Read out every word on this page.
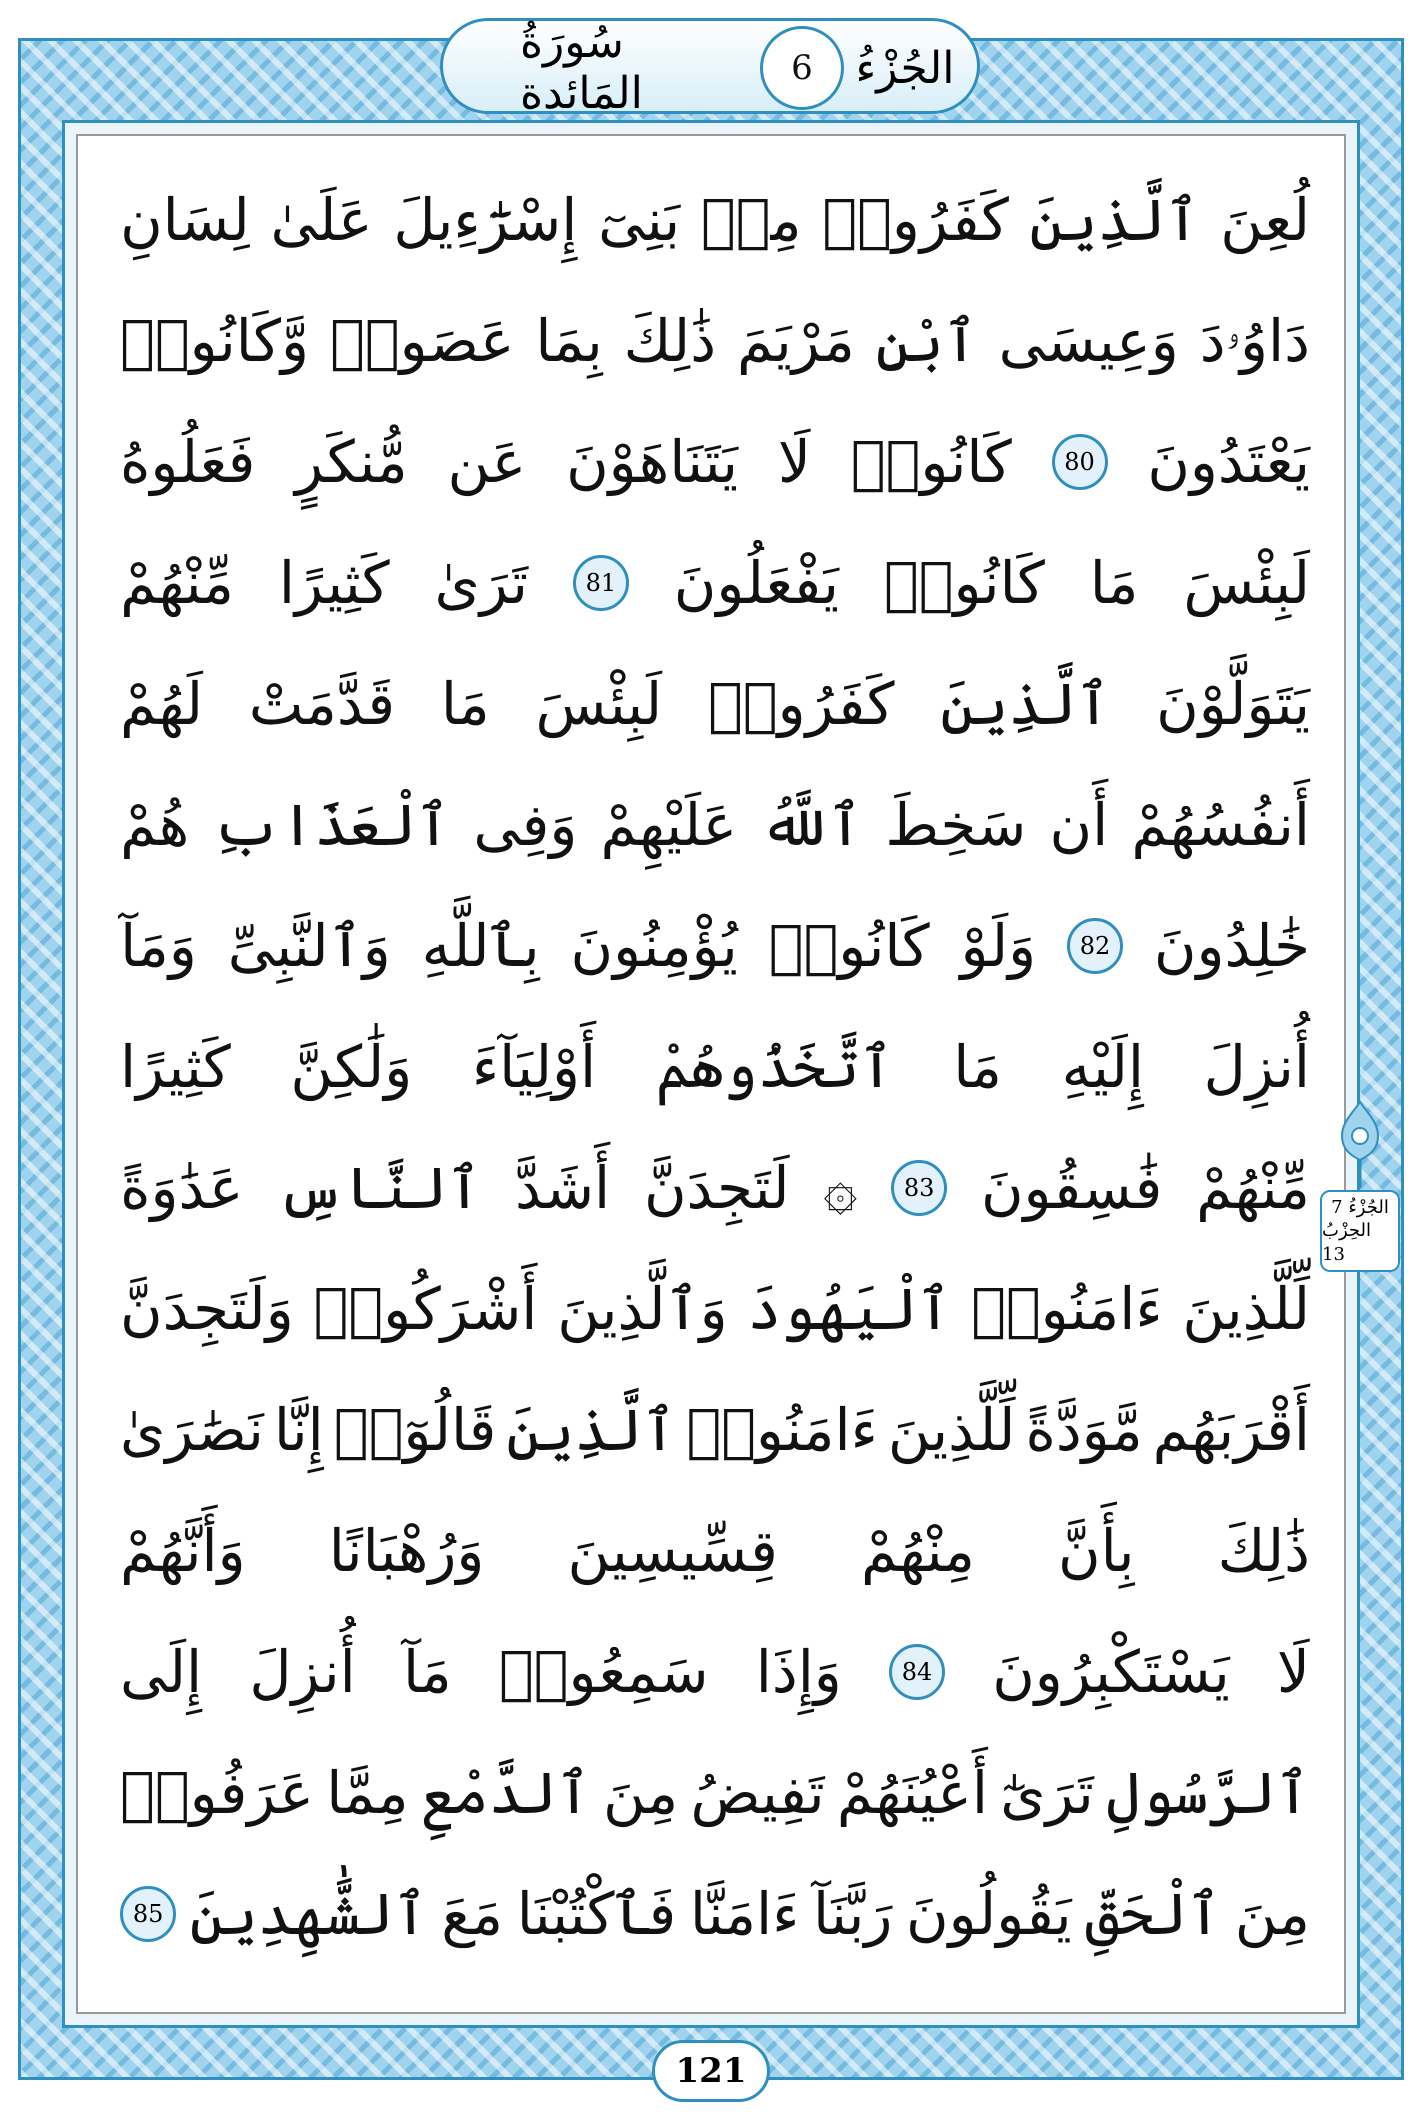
سُورَةُ المَائدة	6 الجُزْءُ
لُعِنَ
ٱلَّذِينَ
كَفَرُوا۟
مِنۢ
بَنِىٓ
إِسْرَٰٓءِيلَ
عَلَىٰ
لِسَانِ
دَاوُۥدَ
وَعِيسَى
ٱبْنِ
مَرْيَمَ
ذَٰلِكَ
بِمَا
عَصَوا۟
وَّكَانُوا۟
يَعْتَدُونَ
80
كَانُوا۟
لَا
يَتَنَاهَوْنَ
عَن
مُّنكَرٍ
فَعَلُوهُ
لَبِئْسَ
مَا
كَانُوا۟
يَفْعَلُونَ
81
تَرَىٰ
كَثِيرًا
مِّنْهُمْ
يَتَوَلَّوْنَ
ٱلَّذِينَ
كَفَرُوا۟
لَبِئْسَ
مَا
قَدَّمَتْ
لَهُمْ
أَنفُسُهُمْ
أَن
سَخِطَ
ٱللَّهُ
عَلَيْهِمْ
وَفِى
ٱلْعَذَابِ
هُمْ
خَٰلِدُونَ
82
وَلَوْ
كَانُوا۟
يُؤْمِنُونَ
بِٱللَّهِ
وَٱلنَّبِىِّ
وَمَآ
أُنزِلَ
إِلَيْهِ
مَا
ٱتَّخَذُوهُمْ
أَوْلِيَآءَ
وَلَٰكِنَّ
كَثِيرًا
مِّنْهُمْ
فَٰسِقُونَ
83
۞
لَتَجِدَنَّ
أَشَدَّ
ٱلنَّاسِ
عَدَٰوَةً
لِّلَّذِينَ
ءَامَنُوا۟
ٱلْيَهُودَ
وَٱلَّذِينَ
أَشْرَكُوا۟
وَلَتَجِدَنَّ
أَقْرَبَهُم
مَّوَدَّةً
لِّلَّذِينَ
ءَامَنُوا۟
ٱلَّذِينَ
قَالُوٓا۟
إِنَّا
نَصَٰرَىٰ
ذَٰلِكَ
بِأَنَّ
مِنْهُمْ
قِسِّيسِينَ
وَرُهْبَانًا
وَأَنَّهُمْ
لَا
يَسْتَكْبِرُونَ
84
وَإِذَا
سَمِعُوا۟
مَآ
أُنزِلَ
إِلَى
ٱلرَّسُولِ
تَرَىٰٓ
أَعْيُنَهُمْ
تَفِيضُ
مِنَ
ٱلدَّمْعِ
مِمَّا
عَرَفُوا۟
مِنَ
ٱلْحَقِّ
يَقُولُونَ
رَبَّنَآ
ءَامَنَّا
فَٱكْتُبْنَا
مَعَ
ٱلشَّٰهِدِينَ
85
الجُزْءُ 7
الحِزْبُ 13
121
